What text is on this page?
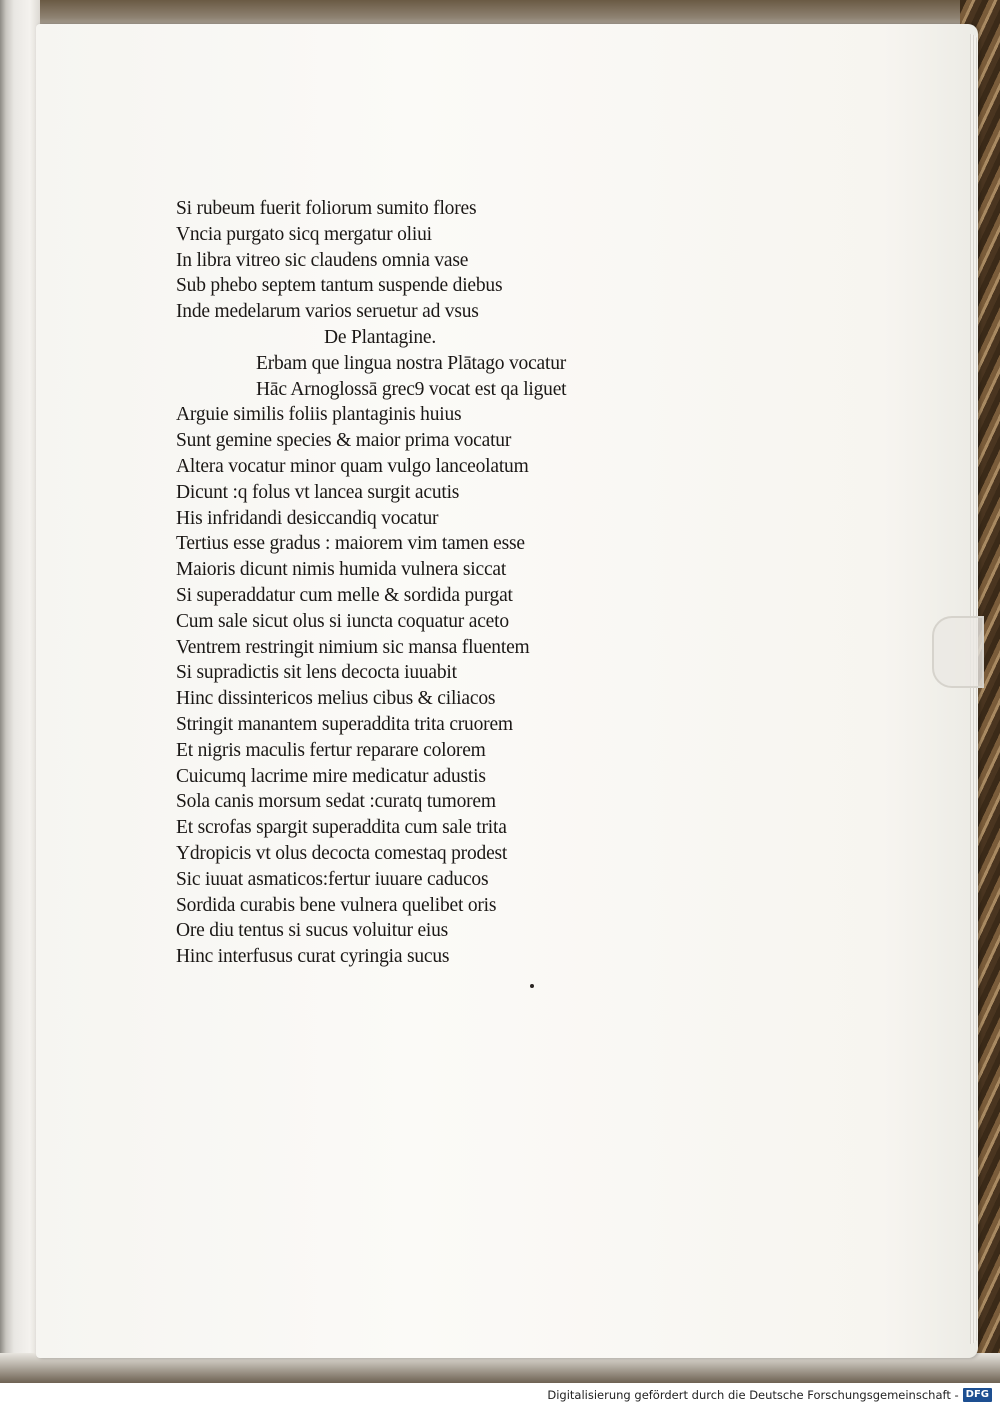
Si rubeum fuerit foliorum sumito flores
Vncia purgato sicq mergatur oliui
In libra vitreo sic claudens omnia vase
Sub phebo septem tantum suspende diebus
Inde medelarum varios seruetur ad vsus
De Plantagine.
Erbam que lingua nostra Plātago vocatur
Hāc Arnoglossā grec9 vocat est qa liguet
Arguie similis foliis plantaginis huius
Sunt gemine species & maior prima vocatur
Altera vocatur minor quam vulgo lanceolatum
Dicunt :q folus vt lancea surgit acutis
His infridandi desiccandiq vocatur
Tertius esse gradus : maiorem vim tamen esse
Maioris dicunt nimis humida vulnera siccat
Si superaddatur cum melle & sordida purgat
Cum sale sicut olus si iuncta coquatur aceto
Ventrem restringit nimium sic mansa fluentem
Si supradictis sit lens decocta iuuabit
Hinc dissintericos melius cibus & ciliacos
Stringit manantem superaddita trita cruorem
Et nigris maculis fertur reparare colorem
Cuicumq lacrime mire medicatur adustis
Sola canis morsum sedat :curatq tumorem
Et scrofas spargit superaddita cum sale trita
Ydropicis vt olus decocta comestaq prodest
Sic iuuat asmaticos:fertur iuuare caducos
Sordida curabis bene vulnera quelibet oris
Ore diu tentus si sucus voluitur eius
Hinc interfusus curat cyringia sucus
Digitalisierung gefördert durch die Deutsche Forschungsgemeinschaft - DFG
